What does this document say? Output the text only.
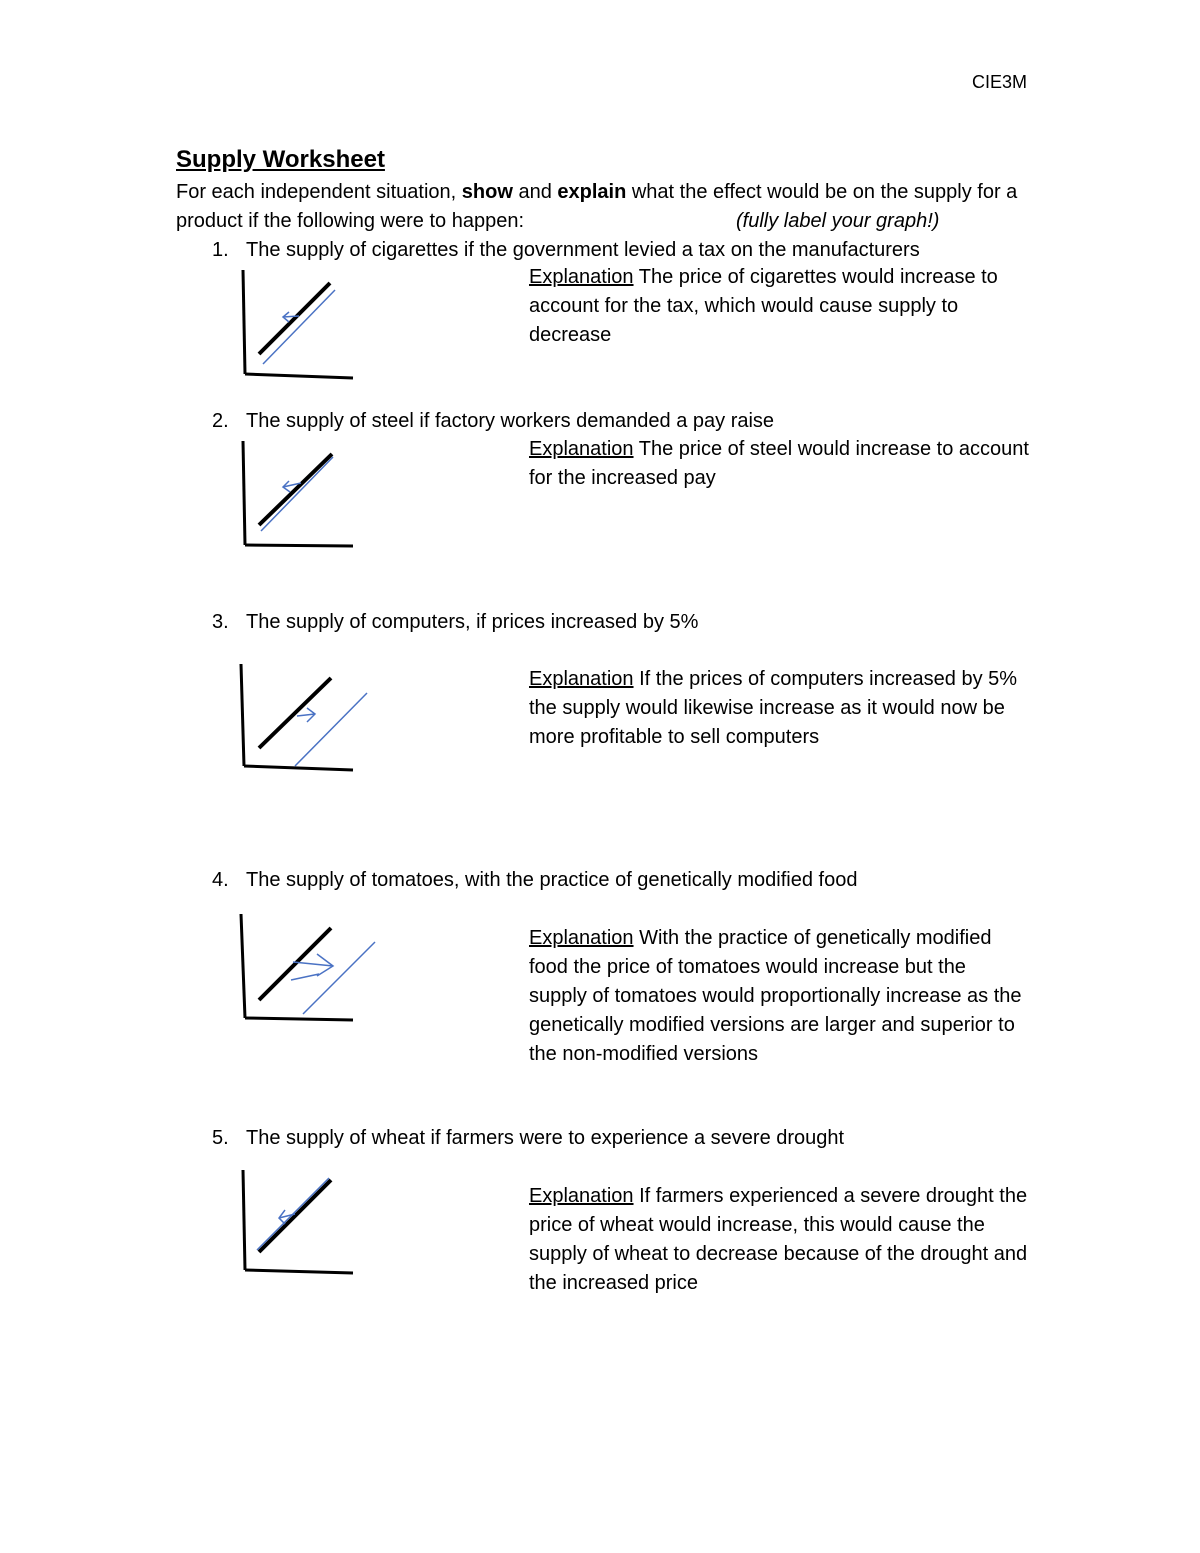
CIE3M
Supply Worksheet
For each independent situation, show and explain what the effect would be on the supply for a product if the following were to happen:	(fully label your graph!)
1. The supply of cigarettes if the government levied a tax on the manufacturers
Explanation The price of cigarettes would increase to account for the tax, which would cause supply to decrease
2. The supply of steel if factory workers demanded a pay raise
Explanation The price of steel would increase to account for the increased pay
3. The supply of computers, if prices increased by 5%
Explanation If the prices of computers increased by 5% the supply would likewise increase as it would now be more profitable to sell computers
4. The supply of tomatoes, with the practice of genetically modified food
Explanation With the practice of genetically modified food the price of tomatoes would increase but the supply of tomatoes would proportionally increase as the genetically modified versions are larger and superior to the non-modified versions
5. The supply of wheat if farmers were to experience a severe drought
Explanation If farmers experienced a severe drought the price of wheat would increase, this would cause the supply of wheat to decrease because of the drought and the increased price
